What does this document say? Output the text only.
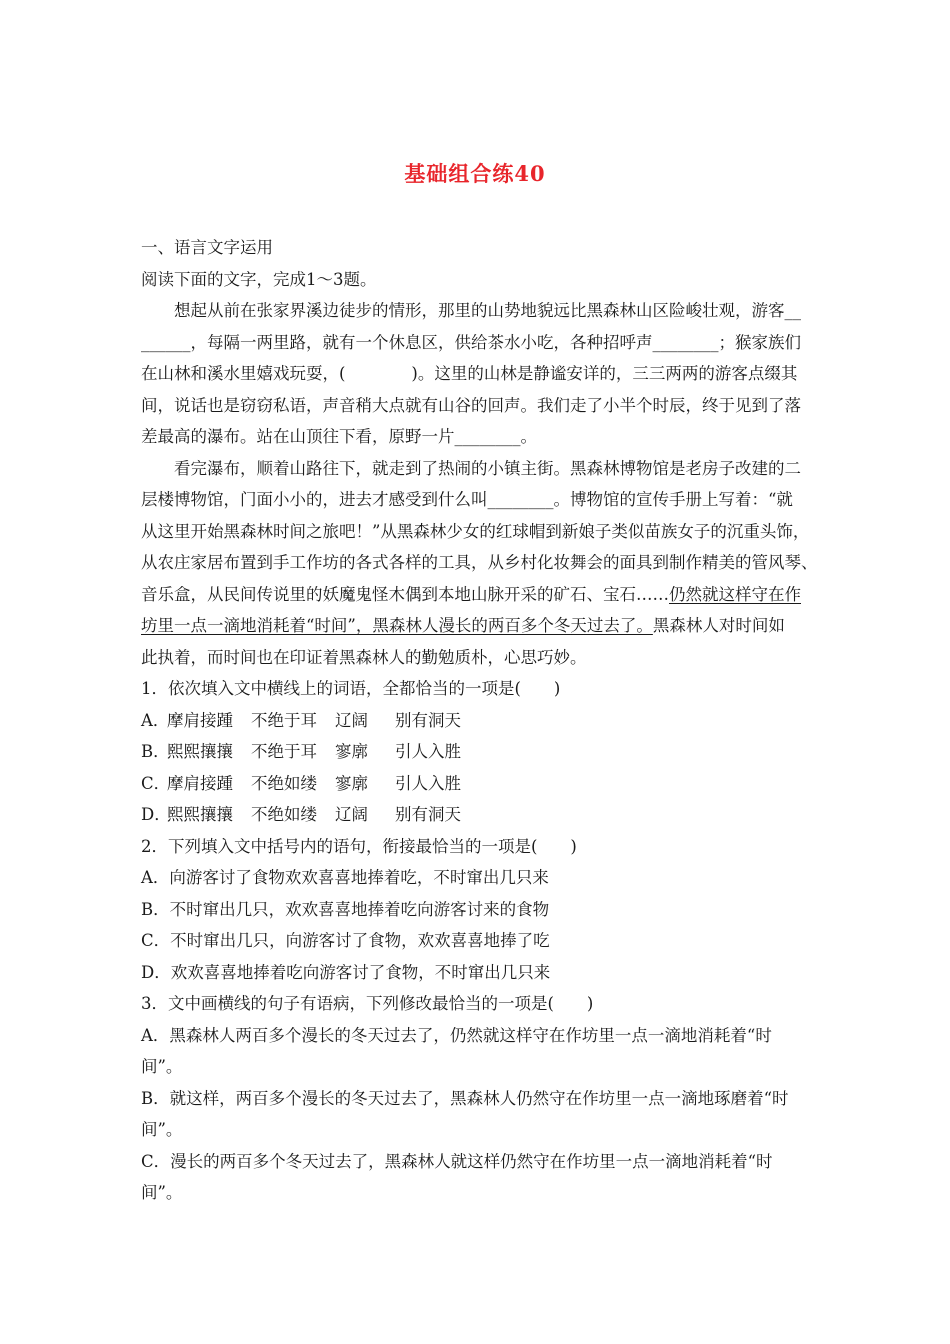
基础组合练40
一、语言文字运用
阅读下面的文字，完成1～3题。
想起从前在张家界溪边徒步的情形，那里的山势地貌远比黑森林山区险峻壮观，游客__
______，每隔一两里路，就有一个休息区，供给茶水小吃，各种招呼声________；猴家族们
在山林和溪水里嬉戏玩耍，(　　　　)。这里的山林是静谧安详的，三三两两的游客点缀其
间，说话也是窃窃私语，声音稍大点就有山谷的回声。我们走了小半个时辰，终于见到了落
差最高的瀑布。站在山顶往下看，原野一片________。
看完瀑布，顺着山路往下，就走到了热闹的小镇主街。黑森林博物馆是老房子改建的二
层楼博物馆，门面小小的，进去才感受到什么叫________。博物馆的宣传手册上写着：“就
从这里开始黑森林时间之旅吧！”从黑森林少女的红球帽到新娘子类似苗族女子的沉重头饰，
从农庄家居布置到手工作坊的各式各样的工具，从乡村化妆舞会的面具到制作精美的管风琴、
音乐盒，从民间传说里的妖魔鬼怪木偶到本地山脉开采的矿石、宝石……仍然就这样守在作
坊里一点一滴地消耗着“时间”，黑森林人漫长的两百多个冬天过去了。黑森林人对时间如
此执着，而时间也在印证着黑森林人的勤勉质朴，心思巧妙。
1．依次填入文中横线上的词语，全都恰当的一项是(　　)
A．
摩肩接踵	不绝于耳	辽阔	别有洞天
B．
熙熙攘攘	不绝于耳	寥廓	引人入胜
C．
摩肩接踵	不绝如缕	寥廓	引人入胜
D．
熙熙攘攘	不绝如缕	辽阔	别有洞天
2．下列填入文中括号内的语句，衔接最恰当的一项是(　　)
A．向游客讨了食物欢欢喜喜地捧着吃，不时窜出几只来
B．不时窜出几只，欢欢喜喜地捧着吃向游客讨来的食物
C．不时窜出几只，向游客讨了食物，欢欢喜喜地捧了吃
D．欢欢喜喜地捧着吃向游客讨了食物，不时窜出几只来
3．文中画横线的句子有语病，下列修改最恰当的一项是(　　)
A．黑森林人两百多个漫长的冬天过去了，仍然就这样守在作坊里一点一滴地消耗着“时
间”。
B．就这样，两百多个漫长的冬天过去了，黑森林人仍然守在作坊里一点一滴地琢磨着“时
间”。
C．漫长的两百多个冬天过去了，黑森林人就这样仍然守在作坊里一点一滴地消耗着“时
间”。
